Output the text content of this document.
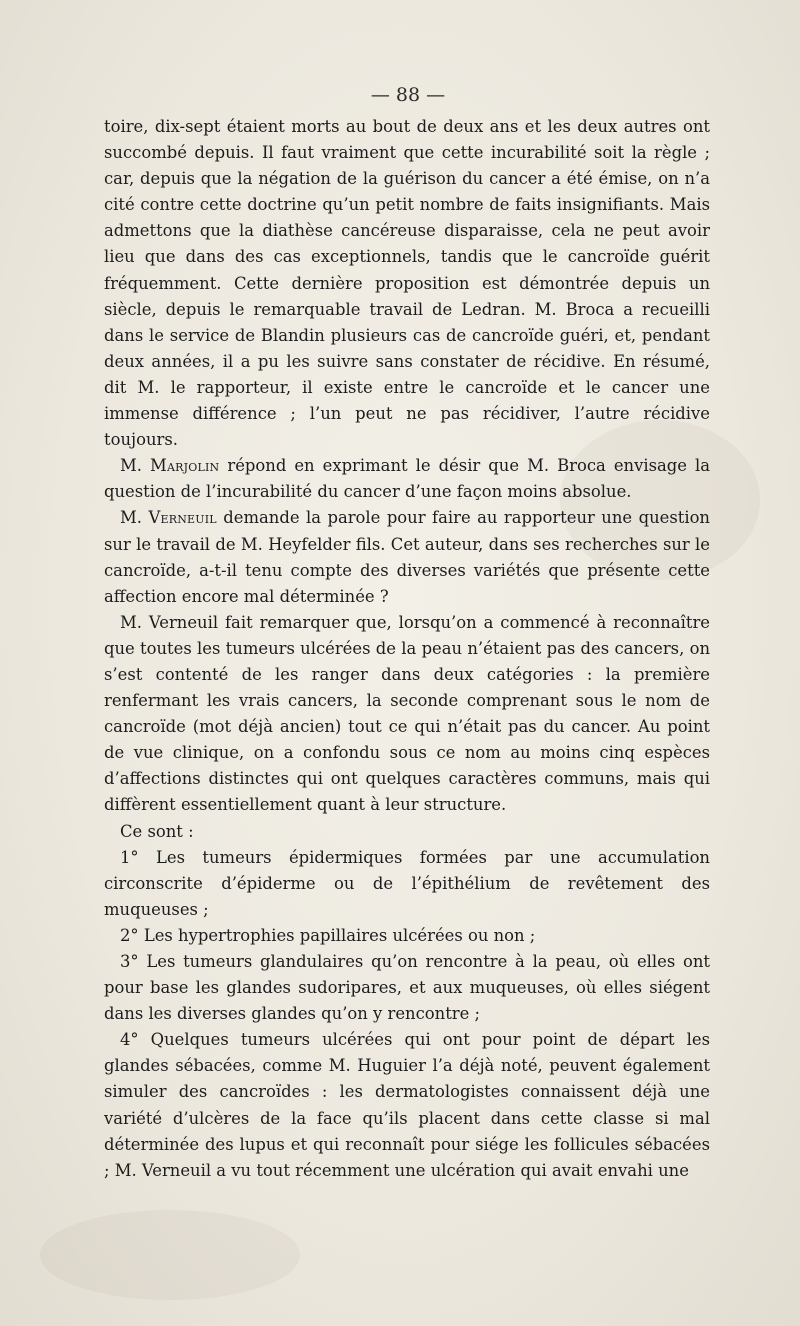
— 88 —

toire, dix-sept étaient morts au bout de deux ans et les deux autres ont succombé depuis. Il faut vraiment que cette incurabilité soit la règle ; car, depuis que la négation de la guérison du cancer a été émise, on n’a cité contre cette doctrine qu’un petit nombre de faits insignifiants. Mais admettons que la diathèse cancéreuse disparaisse, cela ne peut avoir lieu que dans des cas exceptionnels, tandis que le cancroïde guérit fréquemment. Cette dernière proposition est démontrée depuis un siècle, depuis le remarquable travail de Ledran. M. Broca a recueilli dans le service de Blandin plusieurs cas de cancroïde guéri, et, pendant deux années, il a pu les suivre sans constater de récidive. En résumé, dit M. le rapporteur, il existe entre le cancroïde et le cancer une immense différence ; l’un peut ne pas récidiver, l’autre récidive toujours.

M. Marjolin répond en exprimant le désir que M. Broca envisage la question de l’incurabilité du cancer d’une façon moins absolue.

M. Verneuil demande la parole pour faire au rapporteur une question sur le travail de M. Heyfelder fils. Cet auteur, dans ses recherches sur le cancroïde, a-t-il tenu compte des diverses variétés que présente cette affection encore mal déterminée ?

M. Verneuil fait remarquer que, lorsqu’on a commencé à reconnaître que toutes les tumeurs ulcérées de la peau n’étaient pas des cancers, on s’est contenté de les ranger dans deux catégories : la première renfermant les vrais cancers, la seconde comprenant sous le nom de cancroïde (mot déjà ancien) tout ce qui n’était pas du cancer. Au point de vue clinique, on a confondu sous ce nom au moins cinq espèces d’affections distinctes qui ont quelques caractères communs, mais qui diffèrent essentiellement quant à leur structure.

Ce sont :

1° Les tumeurs épidermiques formées par une accumulation circonscrite d’épiderme ou de l’épithélium de revêtement des muqueuses ;

2° Les hypertrophies papillaires ulcérées ou non ;

3° Les tumeurs glandulaires qu’on rencontre à la peau, où elles ont pour base les glandes sudoripares, et aux muqueuses, où elles siégent dans les diverses glandes qu’on y rencontre ;

4° Quelques tumeurs ulcérées qui ont pour point de départ les glandes sébacées, comme M. Huguier l’a déjà noté, peuvent également simuler des cancroïdes : les dermatologistes connaissent déjà une variété d’ulcères de la face qu’ils placent dans cette classe si mal déterminée des lupus et qui reconnaît pour siége les follicules sébacées ; M. Verneuil a vu tout récemment une ulcération qui avait envahi une
